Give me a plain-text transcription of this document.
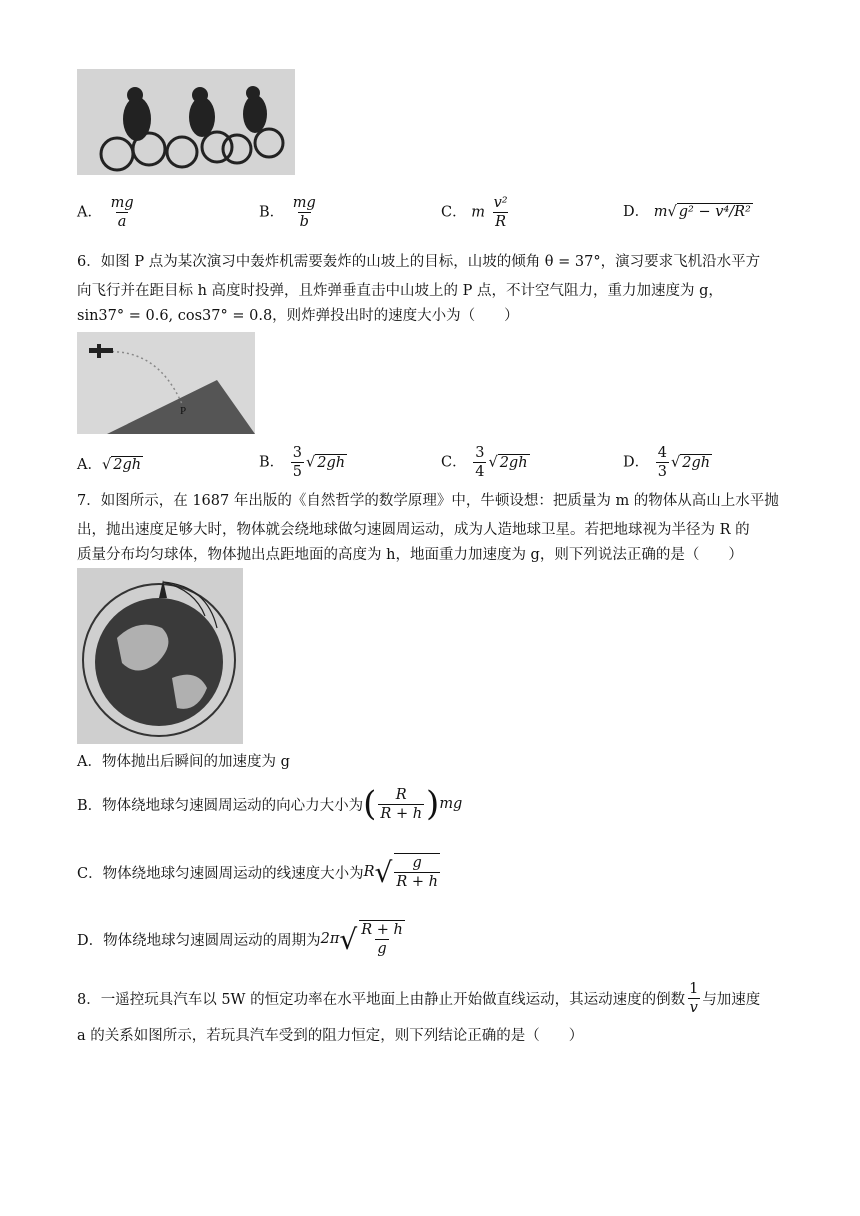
A． $\frac{mg}{a}$	B． $\frac{mg}{b}$	C． m $\frac{\text{v²}}{R}$	D． m√ g² − v⁴/R²
6．如图 P 点为某次演习中轰炸机需要轰炸的山坡上的目标，山坡的倾角 θ = 37°，演习要求飞机沿水平方
向飞行并在距目标 h 高度时投弹，且炸弹垂直击中山坡上的 P 点，不计空气阻力，重力加速度为 g，
sin37° = 0.6, cos37° = 0.8，则炸弹投出时的速度大小为（　　）
P
A．√ 2gh	B． $\frac{3}{5}$ √ 2gh	C． $\frac{3}{4}$ √ 2gh	D． $\frac{4}{3}$ √ 2gh
7．如图所示，在 1687 年出版的《自然哲学的数学原理》中，牛顿设想：把质量为 m 的物体从高山上水平抛
出，抛出速度足够大时，物体就会绕地球做匀速圆周运动，成为人造地球卫星。若把地球视为半径为 R 的
质量分布均匀球体，物体抛出点距地面的高度为 h，地面重力加速度为 g，则下列说法正确的是（　　）
A．物体抛出后瞬间的加速度为 g
B．物体绕地球匀速圆周运动的向心力大小为 ( $\frac{R}{R + h}$ ) mg
C．物体绕地球匀速圆周运动的线速度大小为 R √ $\frac{g}{R + h}$
D．物体绕地球匀速圆周运动的周期为 2π √ $\frac{R + h}{g}$
8．一遥控玩具汽车以 5W 的恒定功率在水平地面上由静止开始做直线运动，其运动速度的倒数 $\frac{1}{v}$ 与加速度
a 的关系如图所示，若玩具汽车受到的阻力恒定，则下列结论正确的是（　　）
